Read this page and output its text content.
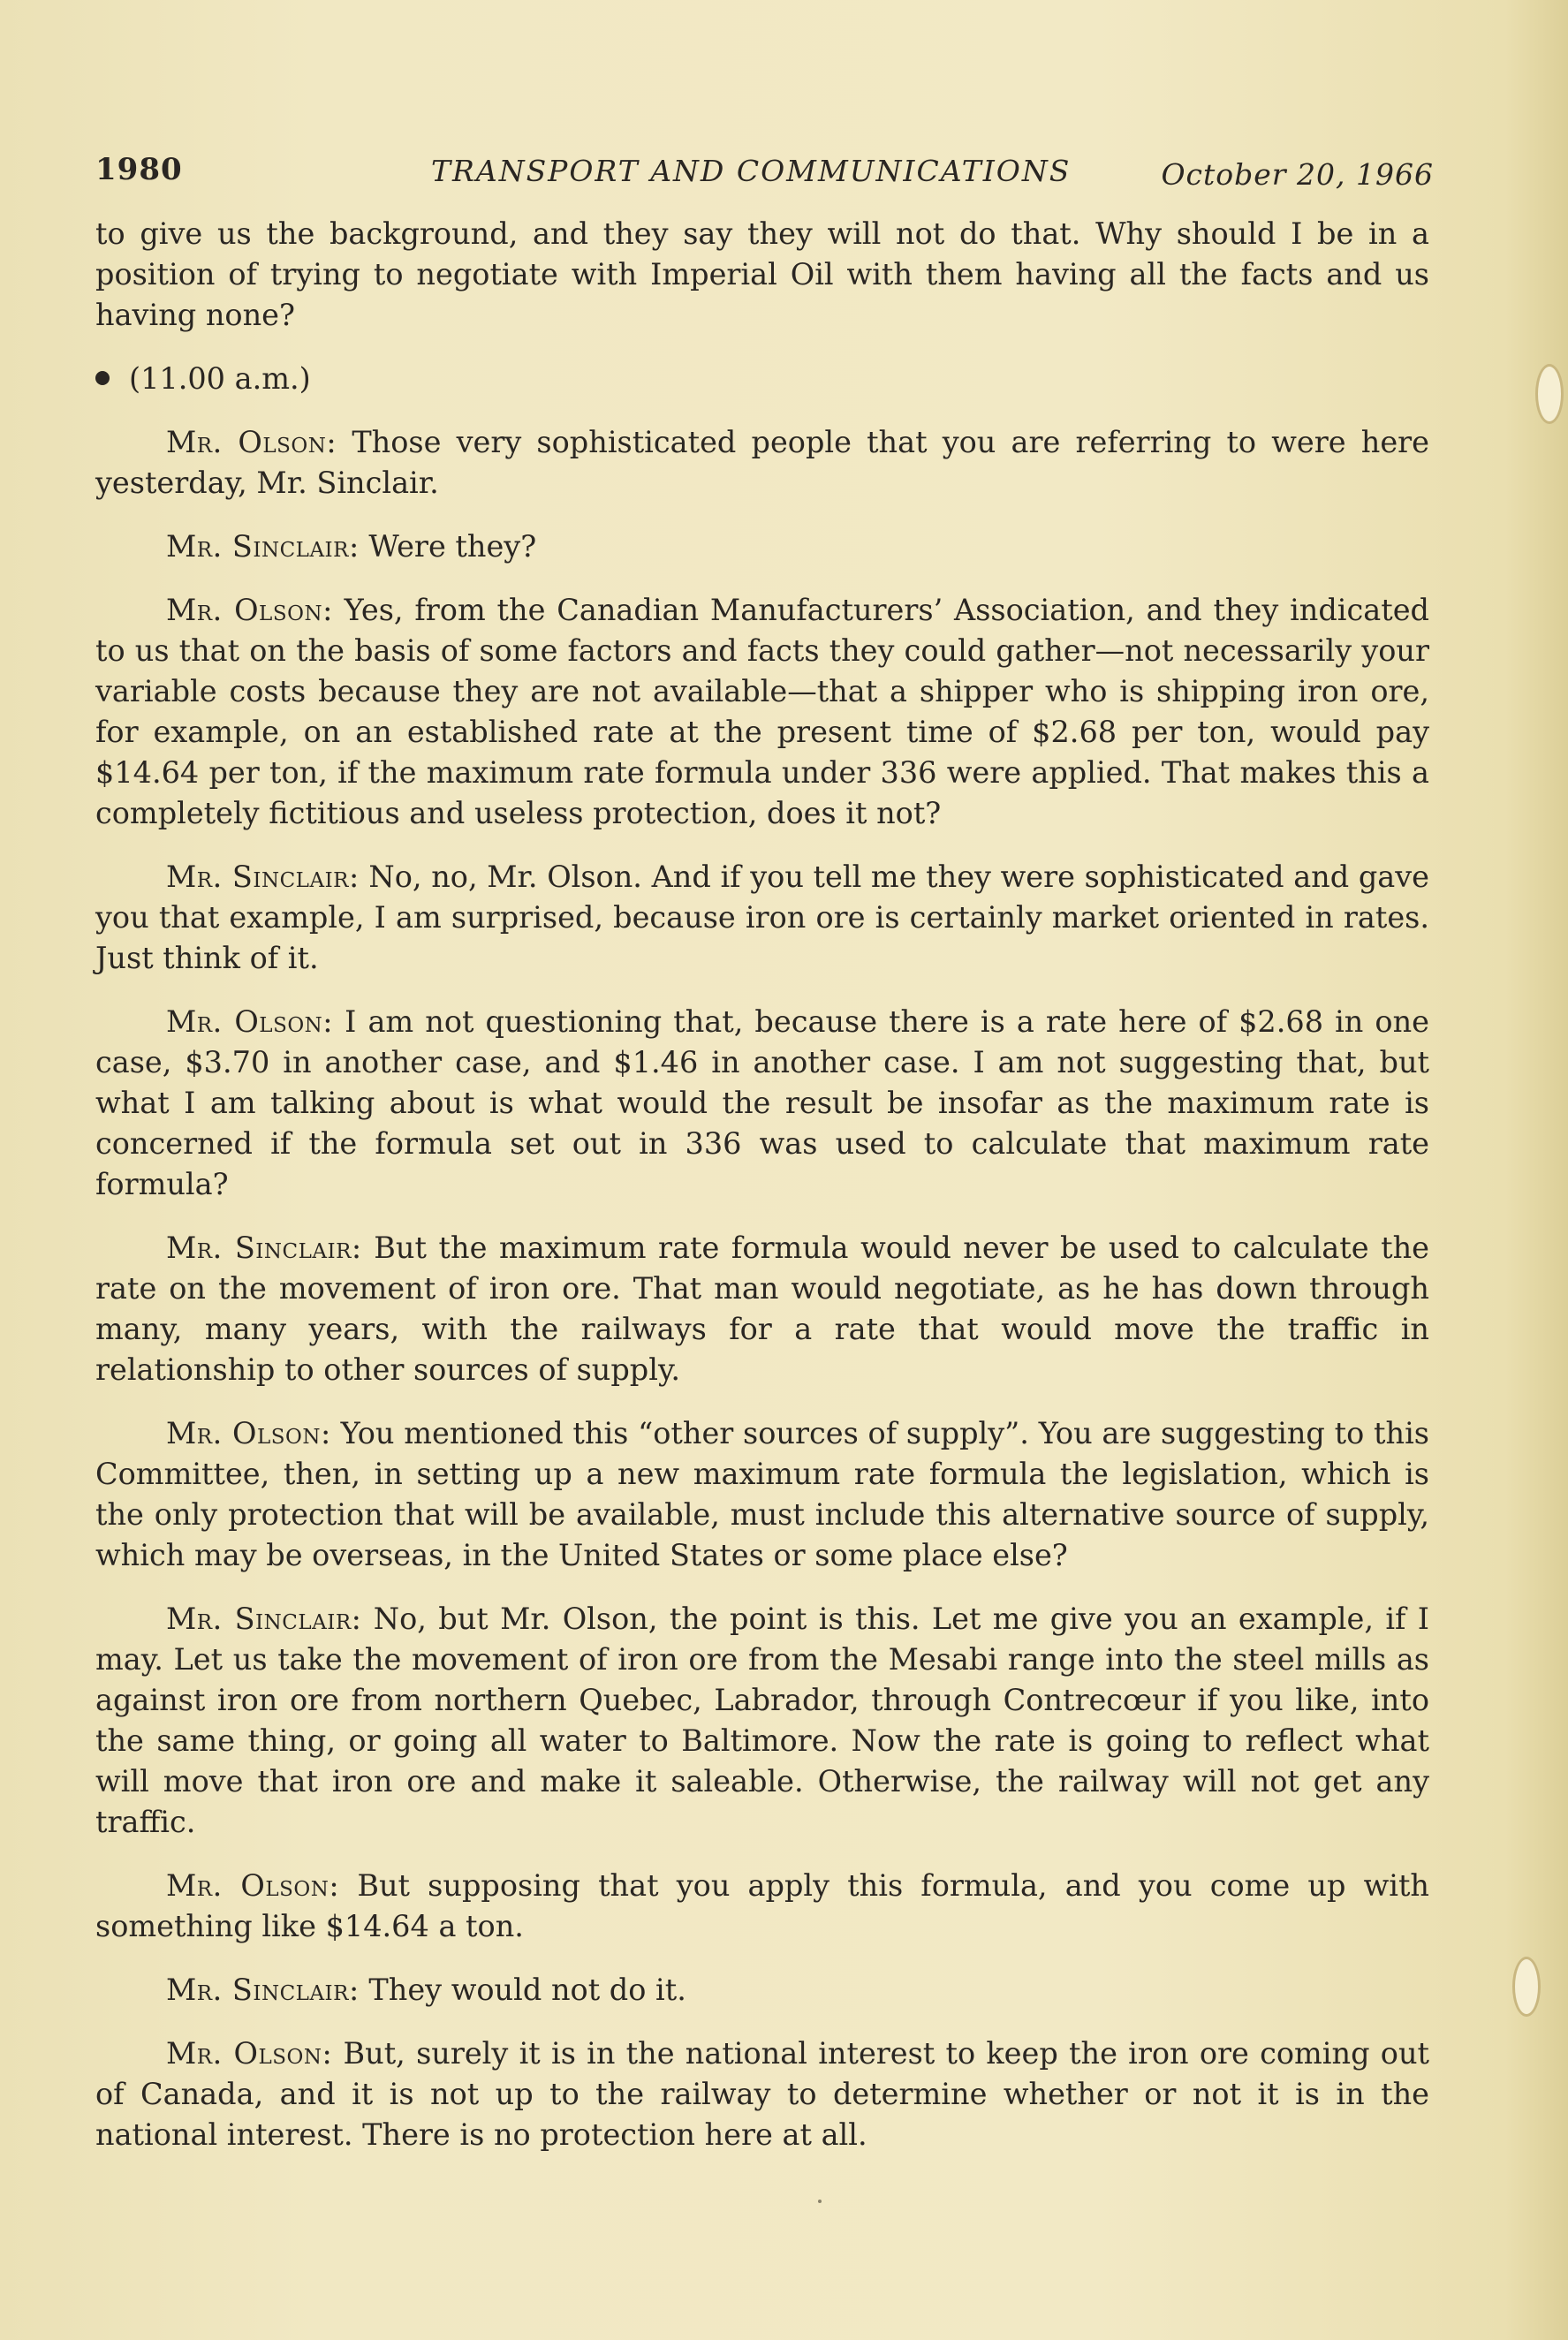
1980	TRANSPORT AND COMMUNICATIONS	October 20, 1966

to give us the background, and they say they will not do that. Why should I be in a position of trying to negotiate with Imperial Oil with them having all the facts and us having none?

(11.00 a.m.)

Mr. Olson: Those very sophisticated people that you are referring to were here yesterday, Mr. Sinclair.

Mr. Sinclair: Were they?

Mr. Olson: Yes, from the Canadian Manufacturers’ Association, and they indicated to us that on the basis of some factors and facts they could gather—not necessarily your variable costs because they are not available—that a shipper who is shipping iron ore, for example, on an established rate at the present time of $2.68 per ton, would pay $14.64 per ton, if the maximum rate formula under 336 were applied. That makes this a completely fictitious and useless protection, does it not?

Mr. Sinclair: No, no, Mr. Olson. And if you tell me they were sophisticated and gave you that example, I am surprised, because iron ore is certainly market oriented in rates. Just think of it.

Mr. Olson: I am not questioning that, because there is a rate here of $2.68 in one case, $3.70 in another case, and $1.46 in another case. I am not suggesting that, but what I am talking about is what would the result be insofar as the maximum rate is concerned if the formula set out in 336 was used to calculate that maximum rate formula?

Mr. Sinclair: But the maximum rate formula would never be used to calculate the rate on the movement of iron ore. That man would negotiate, as he has down through many, many years, with the railways for a rate that would move the traffic in relationship to other sources of supply.

Mr. Olson: You mentioned this “other sources of supply”. You are suggesting to this Committee, then, in setting up a new maximum rate formula the legislation, which is the only protection that will be available, must include this alternative source of supply, which may be overseas, in the United States or some place else?

Mr. Sinclair: No, but Mr. Olson, the point is this. Let me give you an example, if I may. Let us take the movement of iron ore from the Mesabi range into the steel mills as against iron ore from northern Quebec, Labrador, through Contrecœur if you like, into the same thing, or going all water to Baltimore. Now the rate is going to reflect what will move that iron ore and make it saleable. Otherwise, the railway will not get any traffic.

Mr. Olson: But supposing that you apply this formula, and you come up with something like $14.64 a ton.

Mr. Sinclair: They would not do it.

Mr. Olson: But, surely it is in the national interest to keep the iron ore coming out of Canada, and it is not up to the railway to determine whether or not it is in the national interest. There is no protection here at all.
